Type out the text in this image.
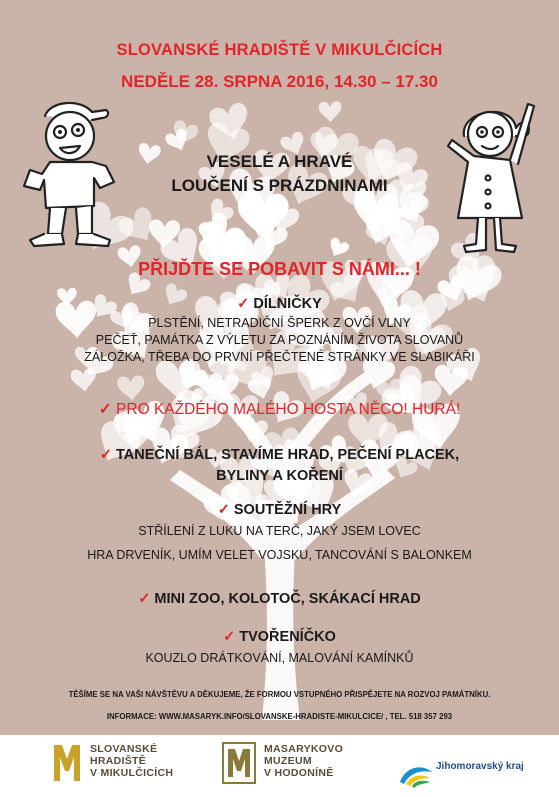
SLOVANSKÉ HRADIŠTĚ V MIKULČICÍCH
NEDĚLE 28. SRPNA 2016, 14.30 – 17.30
VESELÉ A HRAVÉ
LOUČENÍ S PRÁZDNINAMI
PŘIJĎTE SE POBAVIT S NÁMI... !
✓ DÍLNIČKY
PLSTĚNÍ, NETRADIČNÍ ŠPERK Z OVČÍ VLNY
PEČEŤ, PAMÁTKA Z VÝLETU ZA POZNÁNÍM ŽIVOTA SLOVANŮ
ZÁLOŽKA, TŘEBA DO PRVNÍ PŘEČTENÉ STRÁNKY VE SLABIKÁŘI
✓ PRO KAŽDÉHO MALÉHO HOSTA NĚCO! HURÁ!
✓ TANEČNÍ BÁL, STAVÍME HRAD, PEČENÍ PLACEK,
BYLINY A KOŘENÍ
✓ SOUTĚŽNÍ HRY
STŘÍLENÍ Z LUKU NA TERČ, JAKÝ JSEM LOVEC
HRA DRVENÍK, UMÍM VELET VOJSKU, TANCOVÁNÍ S BALONKEM
✓ MINI ZOO, KOLOTOČ, SKÁKACÍ HRAD
✓ TVOŘENÍČKO
KOUZLO DRÁTKOVÁNÍ, MALOVÁNÍ KAMÍNKŮ
TĚŠÍME SE NA VAŠI NÁVŠTĚVU A DĚKUJEME, ŽE FORMOU VSTUPNÉHO PŘISPĚJETE NA ROZVOJ PAMÁTNÍKU.
INFORMACE: WWW.MASARYK.INFO/SLOVANSKE-HRADISTE-MIKULCICE/ , TEL. 518 357 293
SLOVANSKÉ
HRADIŠTĚ
V MIKULČICÍCH
MASARYKOVO
MUZEUM
V HODONÍNĚ
Jihomoravský kraj
